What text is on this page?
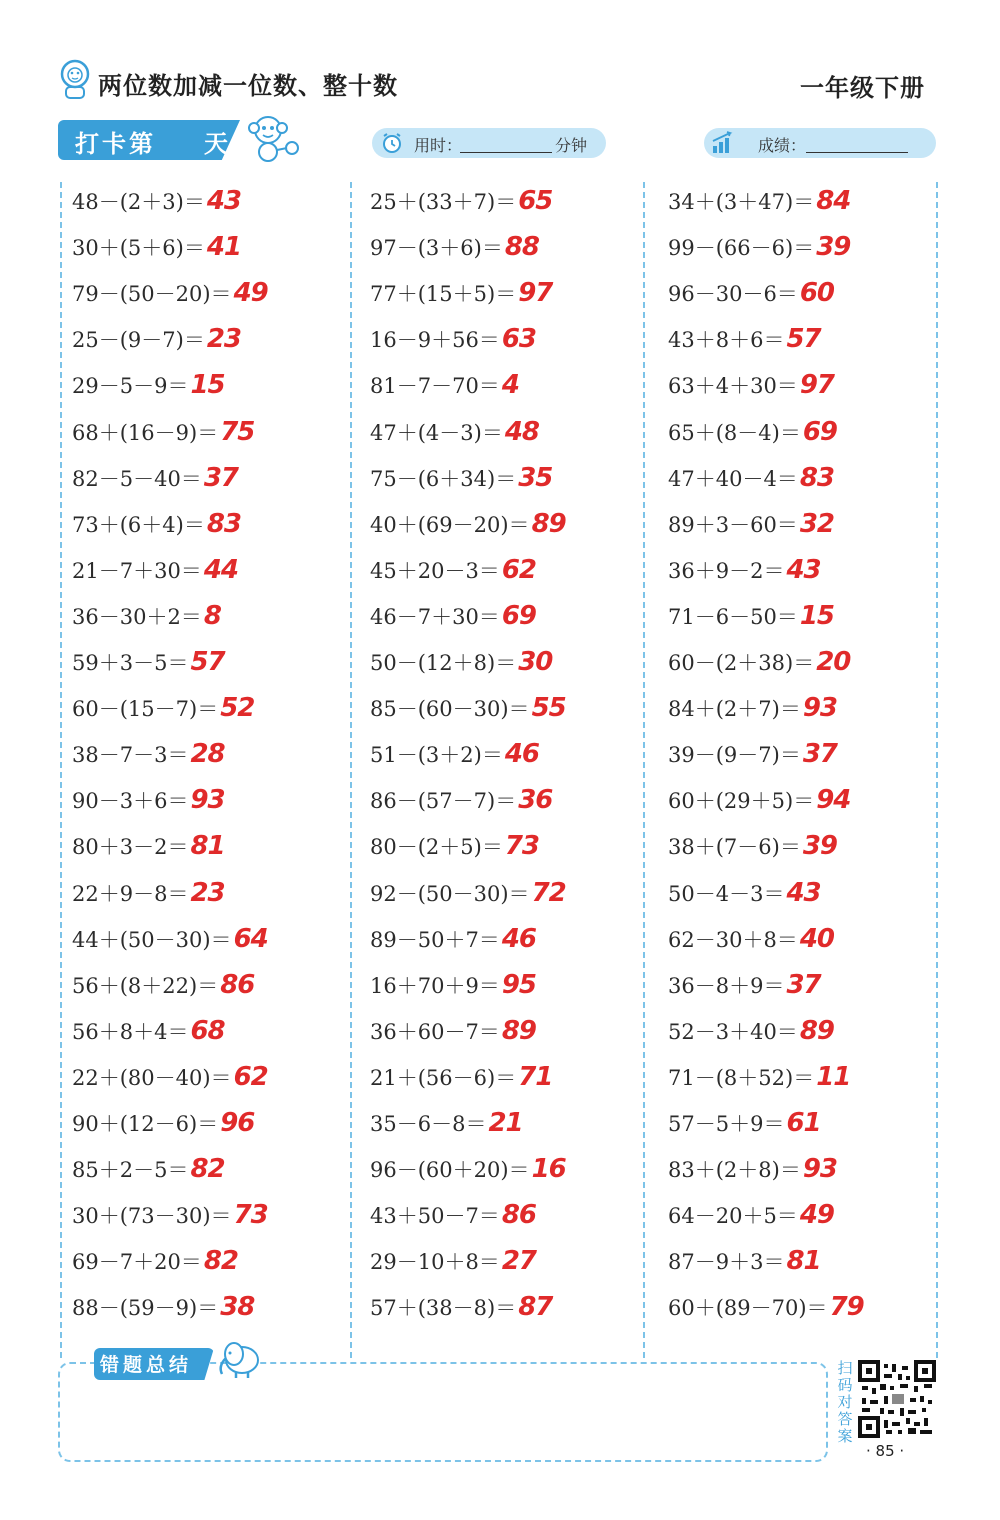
两位数加减一位数、整十数	一年级下册
打卡第 天	用时：	分钟	成绩：
48－(2＋3)＝43
30＋(5＋6)＝41
79－(50－20)＝49
25－(9－7)＝23
29－5－9＝15
68＋(16－9)＝75
82－5－40＝37
73＋(6＋4)＝83
21－7＋30＝44
36－30＋2＝8
59＋3－5＝57
60－(15－7)＝52
38－7－3＝28
90－3＋6＝93
80＋3－2＝81
22＋9－8＝23
44＋(50－30)＝64
56＋(8＋22)＝86
56＋8＋4＝68
22＋(80－40)＝62
90＋(12－6)＝96
85＋2－5＝82
30＋(73－30)＝73
69－7＋20＝82
88－(59－9)＝38
25＋(33＋7)＝65
97－(3＋6)＝88
77＋(15＋5)＝97
16－9＋56＝63
81－7－70＝4
47＋(4－3)＝48
75－(6＋34)＝35
40＋(69－20)＝89
45＋20－3＝62
46－7＋30＝69
50－(12＋8)＝30
85－(60－30)＝55
51－(3＋2)＝46
86－(57－7)＝36
80－(2＋5)＝73
92－(50－30)＝72
89－50＋7＝46
16＋70＋9＝95
36＋60－7＝89
21＋(56－6)＝71
35－6－8＝21
96－(60＋20)＝16
43＋50－7＝86
29－10＋8＝27
57＋(38－8)＝87
34＋(3＋47)＝84
99－(66－6)＝39
96－30－6＝60
43＋8＋6＝57
63＋4＋30＝97
65＋(8－4)＝69
47＋40－4＝83
89＋3－60＝32
36＋9－2＝43
71－6－50＝15
60－(2＋38)＝20
84＋(2＋7)＝93
39－(9－7)＝37
60＋(29＋5)＝94
38＋(7－6)＝39
50－4－3＝43
62－30＋8＝40
36－8＋9＝37
52－3＋40＝89
71－(8＋52)＝11
57－5＋9＝61
83＋(2＋8)＝93
64－20＋5＝49
87－9＋3＝81
60＋(89－70)＝79
错题总结	扫码对答案
· 85 ·
